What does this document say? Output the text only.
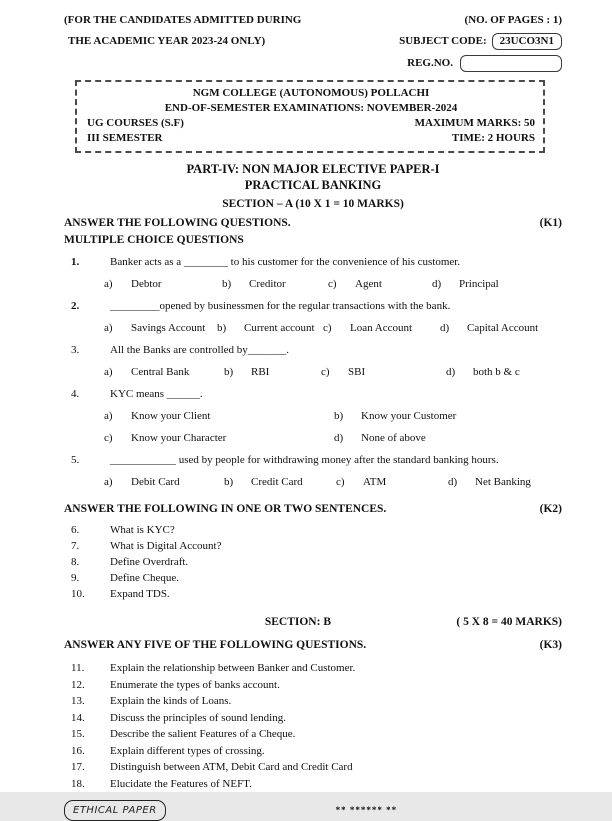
(FOR THE CANDIDATES ADMITTED DURING	(NO. OF PAGES : 1)
THE ACADEMIC YEAR 2023-24 ONLY)	SUBJECT CODE:	23UCO3N1
REG.NO.
NGM COLLEGE (AUTONOMOUS) POLLACHI
END-OF-SEMESTER EXAMINATIONS: NOVEMBER-2024
UG COURSES (S.F)	MAXIMUM MARKS: 50
III SEMESTER	TIME: 2 HOURS
PART-IV: NON MAJOR ELECTIVE PAPER-I
PRACTICAL BANKING
SECTION – A (10 X 1 = 10 MARKS)
ANSWER THE FOLLOWING QUESTIONS.	(K1)
MULTIPLE CHOICE QUESTIONS
1.	Banker acts as a ________ to his customer for the convenience of his customer.
a)	Debtor	b)	Creditor	c)	Agent	d)	Principal
2.	_________opened by businessmen for the regular transactions with the bank.
a)	Savings Account b)	Current account c)	Loan Account	d)	Capital Account
3.	All the Banks are controlled by_______.
a)	Central Bank	b)	RBI	c)	SBI	d)	both b & c
4.	KYC means ______.
a)	Know your Client	b)	Know your Customer
c)	Know your Character	d)	None of above
5.	____________ used by people for withdrawing money after the standard banking hours.
a)	Debit Card	b)	Credit Card	c)	ATM	d)	Net Banking
ANSWER THE FOLLOWING IN ONE OR TWO SENTENCES.	(K2)
6.	What is KYC?
7.	What is Digital Account?
8.	Define Overdraft.
9.	Define Cheque.
10.	Expand TDS.
SECTION: B	( 5 X 8 = 40 MARKS)
ANSWER ANY FIVE OF THE FOLLOWING QUESTIONS.	(K3)
11.	Explain the relationship between Banker and Customer.
12.	Enumerate the types of banks account.
13.	Explain the kinds of Loans.
14.	Discuss the principles of sound lending.
15.	Describe the salient Features of a Cheque.
16.	Explain different types of crossing.
17.	Distinguish between ATM, Debit Card and Credit Card
18.	Elucidate the Features of NEFT.
ETHICAL PAPER	** ****** **
